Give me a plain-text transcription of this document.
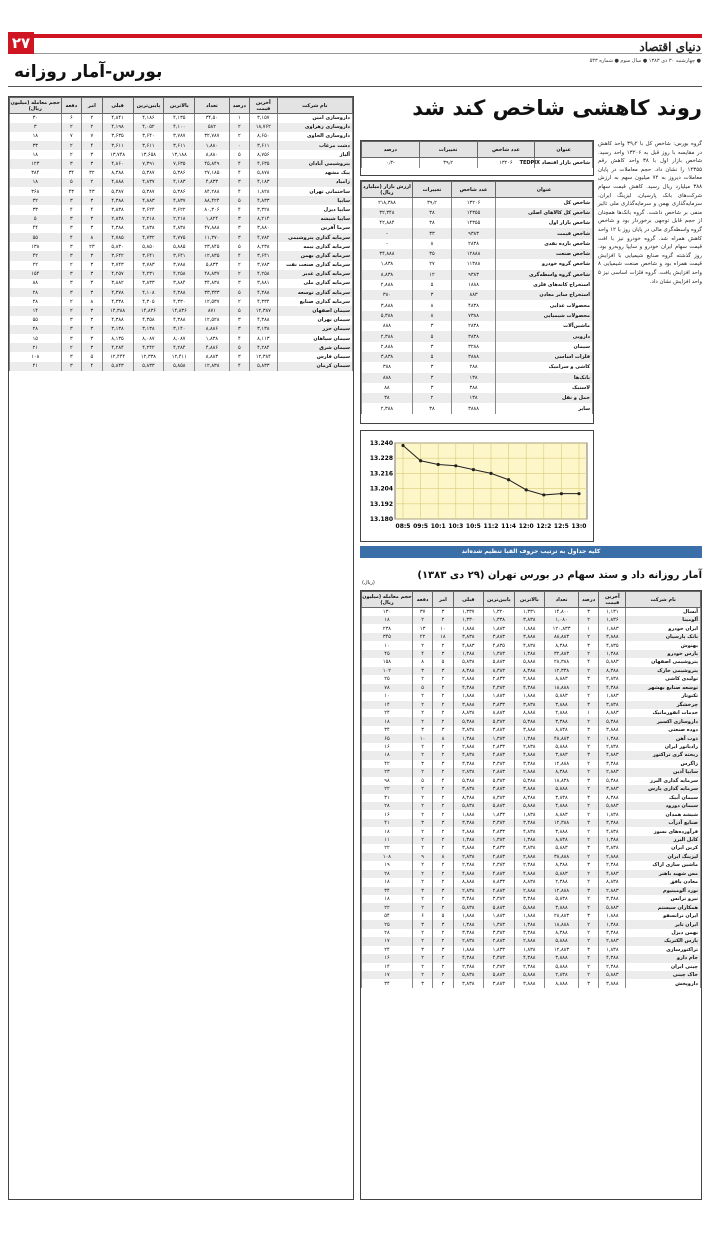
۲۷	دنیای اقتصاد
● چهارشنبه ۳۰ دی ۱۳۸۳ ● سال سوم ● شماره ۵۳۳
بورس-آمار روزانه
نام شرکت	آخرین قیمت	درصد	تعداد	بالاترین	پایین‌ترین	قبلی	امر	دفعه	حجم معامله (میلیون ریال)
داروسازی امین	۳,۱۵۷	۱	۳۴,۵۰	۴,۱۳۵	۴,۱۸۶	۴,۸۴۱	۲	۶	۳۰
داروسازی زهراوی	۱۸,۷۶۲	۲	۵۸۲	۴,۱۰۰	۴,۰۵۲	۴,۱۹۸	۲	۲	۳
داروسازی الحاوی	۸,۶۵۰	۲	۳۲,۷۸۷	۳,۷۸۷	۳,۶۴۰	۳,۶۳۵	۷	۷	۱۸
دشت مرغاب	۳,۶۱۱	۰	۱,۸۸۰	۳,۶۱۱	۳,۶۱۱	۳,۶۱۱	۴	۲	۳۳
آلیاژ	۸,۷۵۶	۵	۸,۸۸۰	۱۳,۱۸۸	۱۳,۶۵۸	۱۳,۷۴۸	۳	۲	۱۸
پتروشیمی آبادان	۴,۶۳۵	۴	۴۵,۸۴۹	۷,۶۳۵	۷,۳۹۱	۴,۸۶۰	۳	۳	۱۲۳
پیک مشهد	۵,۸۷۸	۴	۲۷,۱۸۵	۵,۳۸۶	۵,۳۸۷	۸,۳۸۸	۳۲	۳۴	۳۸۴
زامیاد	۴,۱۸۳	۳	۴,۸۳۳	۴,۱۸۳	۴,۸۳۷	۴,۸۸۸	۲	۵	۱۸
ساختمانی تهران	۱,۸۲۸	۴	۸۴,۲۸۸	۵,۳۸۶	۵,۳۸۷	۵,۳۸۷	۴۳	۴۳	۳۶۸
سایپا	۴,۸۳۳	۵	۸۸,۴۲۴	۴,۸۳۷	۴,۸۸۳	۴,۳۸۸	۳	۳	۳۲
سایپا دیزل	۳,۳۲۸	۴	۸۰,۳۰۶	۳,۶۲۲	۳,۶۲۴	۳,۸۳۸	۴	۴	۳۳
سایپا شیشه	۸,۲۱۴	۳	۱,۸۲۴	۲,۲۱۸	۲,۲۱۸	۲,۸۳۸	۳	۳	۵
سرما آفرین	۳,۸۸۰	۳	۴۷,۸۸۸	۴,۸۳۸	۴,۸۳۸	۴,۳۸۸	۳	۳	۴۴
سرمایه گذاری پتروشیمی	۴,۷۸۲	۳	۱۱,۳۷۰	۴,۷۷۵	۴,۷۳۲	۴,۷۸۵	۸	۴	۵۵
سرمایه گذاری بیمه	۸,۲۳۸	۵	۲۳,۸۴۵	۵,۸۸۵	۵,۸۵۰	۵,۸۳۰	۲۳	۳	۱۳۸
سرمایه گذاری بهمن	۳,۶۴۱	۴	۱۲,۸۳۵	۳,۶۴۱	۳,۶۴۱	۳,۶۴۲	۳	۳	۴۲
سرمایه گذاری صنعت نفت	۳,۷۸۳	۲	۵,۸۳۳	۳,۷۸۸	۳,۷۸۳	۳,۷۴۳	۳	۲	۲۲
سرمایه گذاری غدیر	۴,۲۵۸	۲	۴۸,۸۳۷	۴,۲۵۸	۴,۲۳۱	۴,۲۵۷	۳	۳	۱۵۴
سرمایه گذاری ملی	۳,۸۸۱	۳	۳۴,۸۳۸	۳,۸۸۴	۳,۸۳۳	۳,۸۸۲	۳	۳	۸۸
سرمایه گذاری توسعه	۴,۳۸۸	۵	۳۳,۳۳۳	۴,۳۸۸	۴,۱۰۸	۴,۳۷۸	۳	۳	۲۸
سرمایه گذاری صنایع	۴,۳۳۴	۲	۱۲,۵۳۷	۴,۳۳۰	۴,۳۰۵	۴,۳۳۸	۸	۲	۴۸
سیمان اصفهان	۱۲,۳۸۷	۵	۸۷۱	۱۴,۸۳۶	۱۴,۸۳۶	۱۴,۳۸۸	۳	۲	۱۴
سیمان تهران	۴,۳۸۸	۳	۱۲,۵۲۸	۴,۳۸۸	۴,۳۵۸	۴,۳۸۸	۳	۳	۵۵
سیمان خزر	۳,۱۳۸	۳	۸,۸۸۶	۳,۱۴۰	۳,۱۳۸	۳,۱۳۸	۳	۳	۲۸
سیمان سپاهان	۸,۱۱۳	۴	۱,۸۳۸	۸,۰۸۷	۸,۰۸۷	۸,۱۳۵	۳	۳	۱۵
سیمان شرق	۴,۲۸۴	۵	۴,۸۸۶	۴,۲۸۴	۴,۲۴۲	۴,۲۸۴	۳	۲	۲۱
سیمان فارس	۱۲,۳۸۴	۳	۸,۸۸۳	۱۲,۴۱۱	۱۲,۳۳۸	۱۲,۴۴۴	۵	۳	۱۰۸
سیمان کرمان	۵,۸۳۳	۴	۱۲,۸۳۸	۵,۸۵۸	۵,۸۳۳	۵,۸۴۳	۴	۳	۴۱
روند کاهشی شاخص کند شد
گروه بورس: شاخص کل با ۳۹٫۲ واحد کاهش در مقایسه با روز قبل به ۱۳۲۰۶ واحد رسید. شاخص بازار اول با ۳۸ واحد کاهش رقم ۱۴۳۵۵ را نشان داد. حجم معاملات در پایان معاملات دیروز به ۷۴ میلیون سهم به ارزش ۳۸۸ میلیارد ریال رسید. کاهش قیمت سهام شرکت‌های بانک پارسیان، لیزینگ ایران، سرمایه‌گذاری بهمن و سرمایه‌گذاری ملی تاثیر منفی بر شاخص داشت. گروه بانک‌ها همچنان از حجم قابل توجهی برخوردار بود و شاخص گروه واسطه‌گری مالی در پایان روز با ۱۲ واحد کاهش همراه شد. گروه خودرو نیز با افت قیمت سهام ایران خودرو و سایپا روبه‌رو بود. روز گذشته گروه صنایع شیمیایی با افزایش قیمت همراه بود و شاخص صنعت شیمیایی ۸ واحد افزایش یافت. گروه فلزات اساسی نیز ۵ واحد افزایش نشان داد.
عنوان	عدد شاخص	تغییرات	درصد
شاخص بازار اقتصاد TEDPIX	۱۳۲۰۶	۳۹٫۲	-۰٫۳
عنوان	عدد شاخص	تغییرات	ارزش بازار (میلیارد ریال)
شاخص کل	۱۳۲۰۶	۳۹٫۲	۲۱۸,۳۸۸
شاخص کل کالاهای اصلی	۱۴۳۵۵	۳۸	۳۲,۳۴۸
شاخص بازار اول	۱۴۳۵۵	۳۸	۴۲,۸۸۴
شاخص قیمت	۹۳۸۳	۳۳	-
شاخص بازده نقدی	۲۸۳۸	۸	-
شاخص صنعت	۱۲۸۸۸	۳۵	۳۴,۸۸۸
شاخص گروه خودرو	۱۱۳۸۸	۲۷	۱,۸۳۸
شاخص گروه واسطه‌گری	۹۳۸۳	۱۲	۸,۸۳۸
استخراج کانه‌های فلزی	۱۸۸۸	۵	۲,۸۸۸
استخراج سایر معادن	۸۸۳	۳	۳۸۰
محصولات غذایی	۴۸۳۸	۸	۳,۸۸۸
محصولات شیمیایی	۷۳۸۸	۸	۵,۳۸۸
ماشین‌آلات	۲۸۳۸	۳	۸۸۸
دارویی	۳۸۳۸	۵	۲,۳۸۸
سیمان	۳۲۸۸	۳	۲,۸۸۸
فلزات اساسی	۳۸۸۸	۵	۳,۸۳۸
کاشی و سرامیک	۲۸۸	۳	۳۸۸
بانک‌ها	۱۳۸	۳	۸۸۸
لاستیک	۳۸۸	۳	۸۸
حمل و نقل	۱۳۸	۲	۳۸
سایر	۳۸۸۸	۳۸	۲,۳۸۸
13.240
13.228
13.216
13.204
13.192
13.180
08:5 09:5 10:1 10:3 10:5 11:2 11:4 12:0 12:2 12:5 13:0
کلیه جداول به ترتیب حروف الفبا تنظیم شده‌اند
آمار روزانه داد و ستد سهام در بورس تهران (۲۹ دی ۱۳۸۳)
(ریال)
نام شرکت	آخرین قیمت	درصد	تعداد	بالاترین	پایین‌ترین	قبلی	امر	دفعه	حجم معامله (میلیون ریال)
آبسال	۱,۱۳۱	۳	۱۴,۸۰۰	۱,۳۳۱	۱,۳۲۰	۱,۳۳۷	۳	۳۷	۱۳۰
آلومینا	۱,۸۳۶	۲	۱,۰۸۰	۳,۸۳۸	۱,۳۳۸	۱,۳۳۰	۲	۲	۱۸
ایران خودرو	۱,۸۸۳	۱	۱۲۰,۸۳۳	۱,۸۸۸	۱,۸۸۳	۱,۸۸۸	۱۰	۱۳	۲۳۸
بانک پارسیان	۳,۸۸۸	۲	۸۸,۸۸۳	۳,۸۸۸	۳,۸۸۳	۳,۸۳۸	۱۸	۲۲	۳۴۵
بهنوش	۴,۸۳۵	۳	۸,۳۸۸	۴,۸۳۸	۴,۸۳۵	۴,۸۸۳	۲	۲	۱۰
پارس خودرو	۱,۳۸۸	۲	۳۲,۸۸۳	۱,۳۸۸	۱,۳۸۳	۱,۳۸۸	۳	۴	۴۵
پتروشیمی اصفهان	۵,۸۸۳	۴	۲۸,۳۸۸	۵,۸۸۸	۵,۸۸۳	۵,۸۳۸	۵	۸	۱۵۸
پتروشیمی خارک	۸,۳۸۸	۲	۱۲,۳۳۸	۸,۳۸۸	۸,۳۸۳	۸,۳۸۸	۳	۳	۱۰۲
تولیدی کاشی	۲,۸۳۸	۳	۸,۸۸۳	۲,۸۸۸	۲,۸۳۳	۲,۸۸۸	۲	۲	۲۵
توسعه صنایع بهشهر	۴,۳۸۸	۲	۱۸,۸۸۸	۴,۳۸۸	۴,۳۸۳	۴,۳۸۸	۴	۵	۷۸
تکنوتار	۱,۸۸۳	۲	۵,۸۸۳	۱,۸۸۸	۱,۸۸۳	۱,۸۸۸	۲	۲	۱۰
چرخشگر	۳,۸۳۸	۳	۳,۸۸۸	۳,۸۳۸	۳,۸۳۳	۳,۸۸۸	۲	۲	۱۴
خدمات انفورماتیک	۸,۸۸۳	۱	۲,۸۸۸	۸,۸۸۸	۸,۸۸۳	۸,۸۳۸	۲	۲	۲۴
داروسازی اکسیر	۵,۳۸۸	۲	۳,۳۸۸	۵,۳۸۸	۵,۳۸۳	۵,۳۸۸	۲	۲	۱۸
دوده صنعتی	۳,۸۸۸	۳	۸,۸۳۸	۳,۸۸۸	۳,۸۸۳	۳,۸۳۸	۳	۳	۳۴
ذوب آهن	۱,۳۸۸	۲	۴۸,۸۸۳	۱,۳۸۸	۱,۳۸۳	۱,۳۸۸	۸	۱۰	۶۵
رادیاتور ایران	۲,۸۳۸	۲	۵,۸۸۸	۲,۸۳۸	۲,۸۳۳	۲,۸۸۸	۲	۲	۱۶
ریخته گری تراکتور	۴,۸۸۳	۳	۳,۸۸۳	۴,۸۸۸	۴,۸۸۳	۴,۸۳۸	۲	۲	۱۸
زاگرس	۳,۳۸۸	۲	۱۲,۸۸۸	۳,۳۸۸	۳,۳۸۳	۳,۳۸۸	۳	۳	۴۲
سایپا آذین	۲,۸۸۳	۲	۸,۳۸۸	۲,۸۸۸	۲,۸۸۳	۲,۸۳۸	۲	۲	۲۳
سرمایه گذاری البرز	۵,۳۸۸	۳	۱۸,۸۳۸	۵,۳۸۸	۵,۳۸۳	۵,۳۸۸	۴	۵	۹۸
سرمایه گذاری پارس	۳,۸۸۳	۲	۵,۸۸۸	۳,۸۸۸	۳,۸۸۳	۳,۸۳۸	۲	۲	۲۲
سیمان آبیک	۸,۳۸۸	۳	۳,۸۳۸	۸,۳۸۸	۸,۳۸۳	۸,۳۸۸	۲	۲	۳۱
سیمان دورود	۵,۸۸۳	۲	۴,۸۸۸	۵,۸۸۸	۵,۸۸۳	۵,۸۳۸	۲	۲	۲۸
شیشه همدان	۱,۸۳۸	۲	۸,۸۸۳	۱,۸۳۸	۱,۸۳۳	۱,۸۸۸	۲	۲	۱۶
صنایع آذرآب	۳,۳۸۸	۳	۱۲,۳۸۸	۳,۳۸۸	۳,۳۸۳	۳,۳۸۸	۳	۳	۴۱
فرآورده‌های نسوز	۴,۸۳۸	۲	۳,۸۸۸	۴,۸۳۸	۴,۸۳۳	۴,۸۸۸	۲	۲	۱۸
کابل البرز	۱,۳۸۸	۲	۸,۸۳۸	۱,۳۸۸	۱,۳۸۳	۱,۳۸۸	۲	۲	۱۱
کربن ایران	۳,۸۳۸	۳	۵,۸۸۳	۳,۸۳۸	۳,۸۳۳	۳,۸۸۸	۲	۲	۲۲
لیزینگ ایران	۲,۸۸۸	۲	۳۸,۸۸۸	۲,۸۸۸	۲,۸۸۳	۲,۸۳۸	۸	۹	۱۰۸
ماشین سازی اراک	۲,۳۸۸	۳	۸,۳۸۸	۲,۳۸۸	۲,۳۸۳	۲,۳۸۸	۲	۲	۱۹
مس شهید باهنر	۴,۸۸۳	۲	۵,۸۸۳	۴,۸۸۸	۴,۸۸۳	۴,۸۸۸	۲	۲	۲۸
معادن بافق	۸,۸۳۸	۲	۲,۳۸۸	۸,۸۳۸	۸,۸۳۳	۸,۸۸۸	۲	۲	۱۸
نورد آلومینیوم	۲,۸۸۳	۳	۱۲,۸۸۸	۲,۸۸۸	۲,۸۸۳	۲,۸۳۸	۳	۳	۳۴
نیرو ترانس	۳,۳۸۸	۲	۵,۸۳۸	۳,۳۸۸	۳,۳۸۳	۳,۳۸۸	۲	۲	۱۸
همکاران سیستم	۵,۸۸۳	۲	۳,۸۸۸	۵,۸۸۸	۵,۸۸۳	۵,۸۳۸	۲	۲	۲۲
ایران ترانسفو	۱,۸۸۸	۳	۲۸,۸۸۳	۱,۸۸۸	۱,۸۸۳	۱,۸۸۸	۵	۶	۵۴
ایران تایر	۱,۳۸۸	۲	۱۸,۸۸۸	۱,۳۸۸	۱,۳۸۳	۱,۳۸۸	۳	۳	۲۵
بهمن دیزل	۳,۳۸۸	۲	۸,۳۸۸	۳,۳۸۸	۳,۳۸۳	۳,۳۸۸	۲	۲	۲۸
پارس الکتریک	۲,۸۸۳	۲	۵,۸۸۸	۲,۸۸۸	۲,۸۸۳	۲,۸۳۸	۲	۲	۱۷
تراکتورسازی	۱,۸۳۸	۳	۱۲,۸۸۳	۱,۸۳۸	۱,۸۳۳	۱,۸۸۸	۳	۳	۲۴
جام دارو	۴,۳۸۸	۲	۳,۸۸۸	۴,۳۸۸	۴,۳۸۳	۴,۳۸۸	۲	۲	۱۶
چینی ایران	۲,۳۸۸	۲	۵,۸۸۸	۲,۳۸۸	۲,۳۸۳	۲,۳۸۸	۲	۲	۱۴
خاک چینی	۵,۸۸۳	۲	۲,۸۳۸	۵,۸۸۸	۵,۸۸۳	۵,۸۳۸	۲	۲	۱۷
داروپخش	۳,۸۸۸	۳	۸,۸۸۸	۳,۸۸۸	۳,۸۸۳	۳,۸۳۸	۳	۳	۳۴
